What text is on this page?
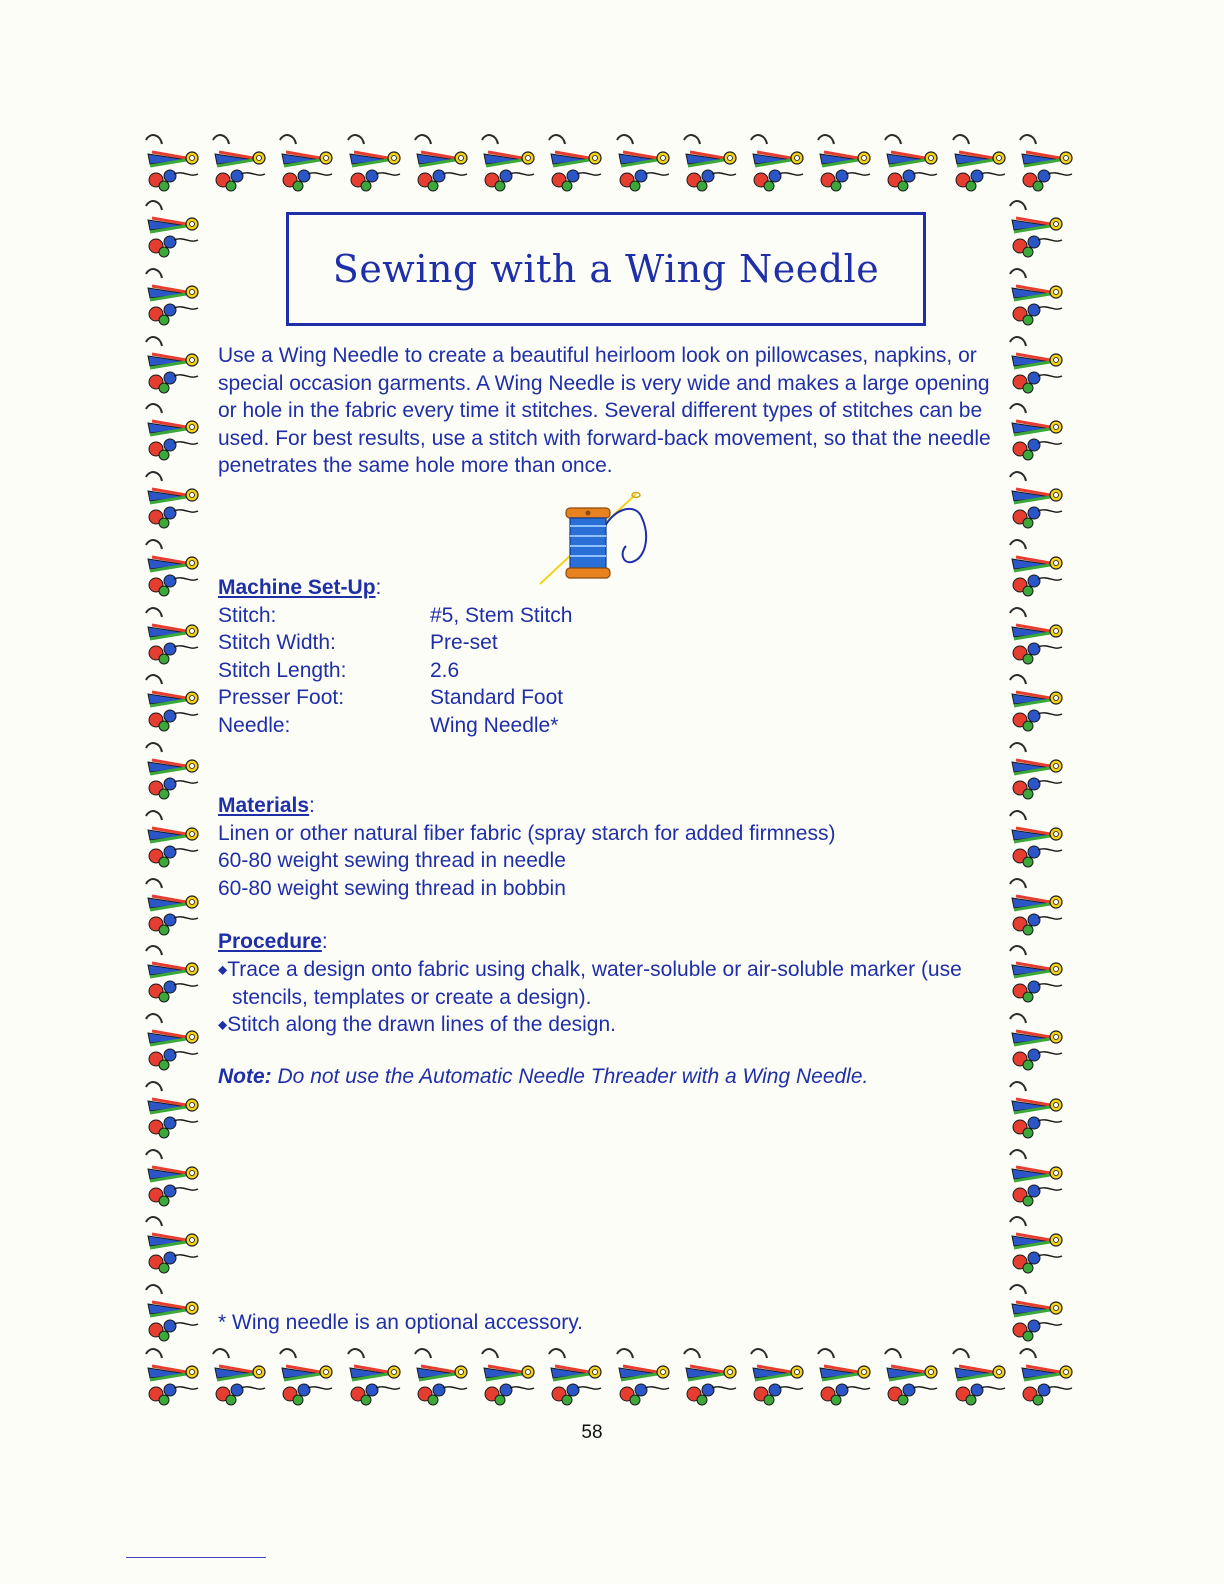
Sewing with a Wing Needle
Use a Wing Needle to create a beautiful heirloom look on pillowcases, napkins, or special occasion garments. A Wing Needle is very wide and makes a large opening or hole in the fabric every time it stitches. Several different types of stitches can be used. For best results, use a stitch with forward-back movement, so that the needle penetrates the same hole more than once.
Machine Set-Up:
Stitch:	#5, Stem Stitch
Stitch Width:	Pre-set
Stitch Length:	2.6
Presser Foot:	Standard Foot
Needle:	Wing Needle*
Materials:
Linen or other natural fiber fabric (spray starch for added firmness)
60-80 weight sewing thread in needle
60-80 weight sewing thread in bobbin
Procedure:
◆Trace a design onto fabric using chalk, water-soluble or air-soluble marker (use stencils, templates or create a design).
◆Stitch along the drawn lines of the design.
Note: Do not use the Automatic Needle Threader with a Wing Needle.
* Wing needle is an optional accessory.
58
